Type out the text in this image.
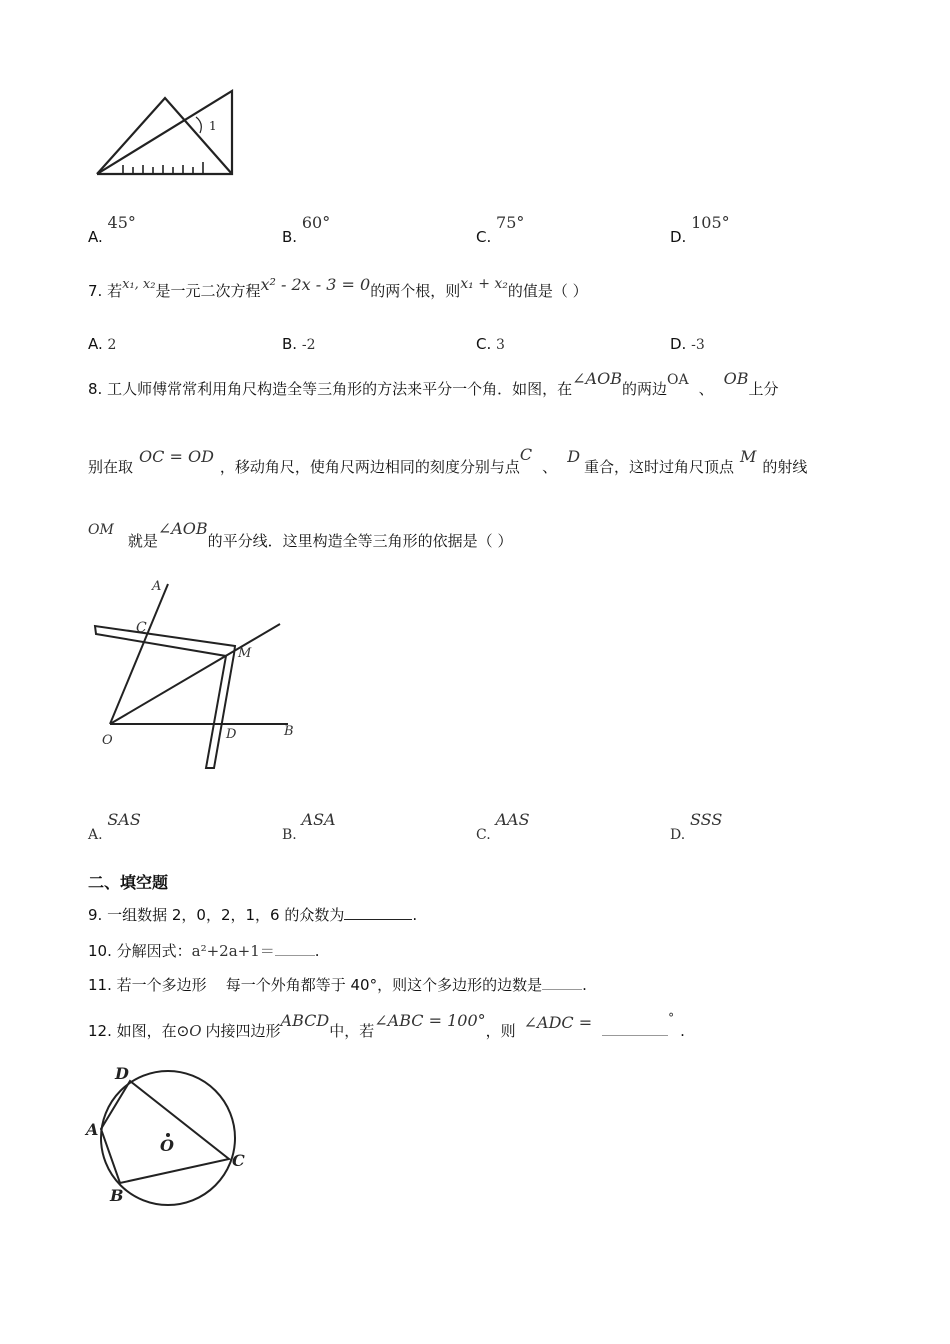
1
A. 45°
B. 60°
C. 75°
D. 105°
7. 若x₁, x₂是一元二次方程x² - 2x - 3 = 0的两个根，则x₁ + x₂的值是（ ）
A. 2	B. -2	C. 3	D. -3
8. 工人师傅常常利用角尺构造全等三角形的方法来平分一个角．如图，在∠AOB的两边OA 、OB上分
别在取OC = OD，移动角尺，使角尺两边相同的刻度分别与点C、D重合，这时过角尺顶点M的射线
OM就是∠AOB的平分线．这里构造全等三角形的依据是（ ）
A
C
M
O	D	B
A. SAS
B. ASA
C. AAS
D. SSS
二、填空题
9. 一组数据 2，0，2，1，6 的众数为	.
10. 分解因式：a²+2a+1＝	.
11. 若一个多边形    每一个外角都等于 40°，则这个多边形的边数是	.
12. 如图，在⊙O 内接四边形ABCD中，若∠ABC = 100°，则 ∠ADC =	°.
D
A
O
C
B
